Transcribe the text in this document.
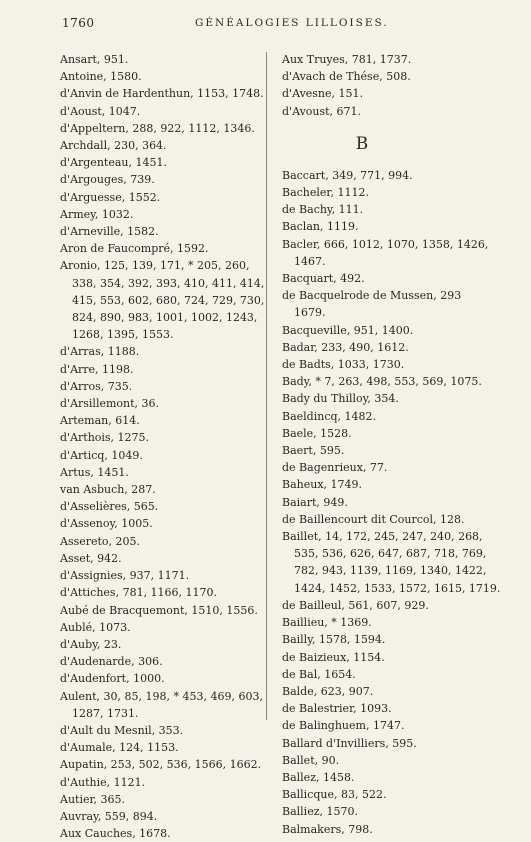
1760	GÉNÉALOGIES LILLOISES.
Ansart, 951.
Antoine, 1580.
d'Anvin de Hardenthun, 1153, 1748.
d'Aoust, 1047.
d'Appeltern, 288, 922, 1112, 1346.
Archdall, 230, 364.
d'Argenteau, 1451.
d'Argouges, 739.
d'Arguesse, 1552.
Armey, 1032.
d'Arneville, 1582.
Aron de Faucompré, 1592.
Aronio, 125, 139, 171, * 205, 260,
338, 354, 392, 393, 410, 411, 414,
415, 553, 602, 680, 724, 729, 730,
824, 890, 983, 1001, 1002, 1243,
1268, 1395, 1553.
d'Arras, 1188.
d'Arre, 1198.
d'Arros, 735.
d'Arsillemont, 36.
Arteman, 614.
d'Arthois, 1275.
d'Articq, 1049.
Artus, 1451.
van Asbuch, 287.
d'Asselières, 565.
d'Assenoy, 1005.
Assereto, 205.
Asset, 942.
d'Assignies, 937, 1171.
d'Attiches, 781, 1166, 1170.
Aubé de Bracquemont, 1510, 1556.
Aublé, 1073.
d'Auby, 23.
d'Audenarde, 306.
d'Audenfort, 1000.
Aulent, 30, 85, 198, * 453, 469, 603,
1287, 1731.
d'Ault du Mesnil, 353.
d'Aumale, 124, 1153.
Aupatin, 253, 502, 536, 1566, 1662.
d'Authie, 1121.
Autier, 365.
Auvray, 559, 894.
Aux Cauches, 1678.
Aux Truyes, 781, 1737.
d'Avach de Thése, 508.
d'Avesne, 151.
d'Avoust, 671.
B
Baccart, 349, 771, 994.
Bacheler, 1112.
de Bachy, 111.
Baclan, 1119.
Bacler, 666, 1012, 1070, 1358, 1426,
1467.
Bacquart, 492.
de Bacquelrode de Mussen, 293
1679.
Bacqueville, 951, 1400.
Badar, 233, 490, 1612.
de Badts, 1033, 1730.
Bady, * 7, 263, 498, 553, 569, 1075.
Bady du Thilloy, 354.
Baeldincq, 1482.
Baele, 1528.
Baert, 595.
de Bagenrieux, 77.
Baheux, 1749.
Baiart, 949.
de Baillencourt dit Courcol, 128.
Baillet, 14, 172, 245, 247, 240, 268,
535, 536, 626, 647, 687, 718, 769,
782, 943, 1139, 1169, 1340, 1422,
1424, 1452, 1533, 1572, 1615, 1719.
de Bailleul, 561, 607, 929.
Baillieu, * 1369.
Bailly, 1578, 1594.
de Baizieux, 1154.
de Bal, 1654.
Balde, 623, 907.
de Balestrier, 1093.
de Balinghuem, 1747.
Ballard d'Invilliers, 595.
Ballet, 90.
Ballez, 1458.
Ballicque, 83, 522.
Balliez, 1570.
Balmakers, 798.
